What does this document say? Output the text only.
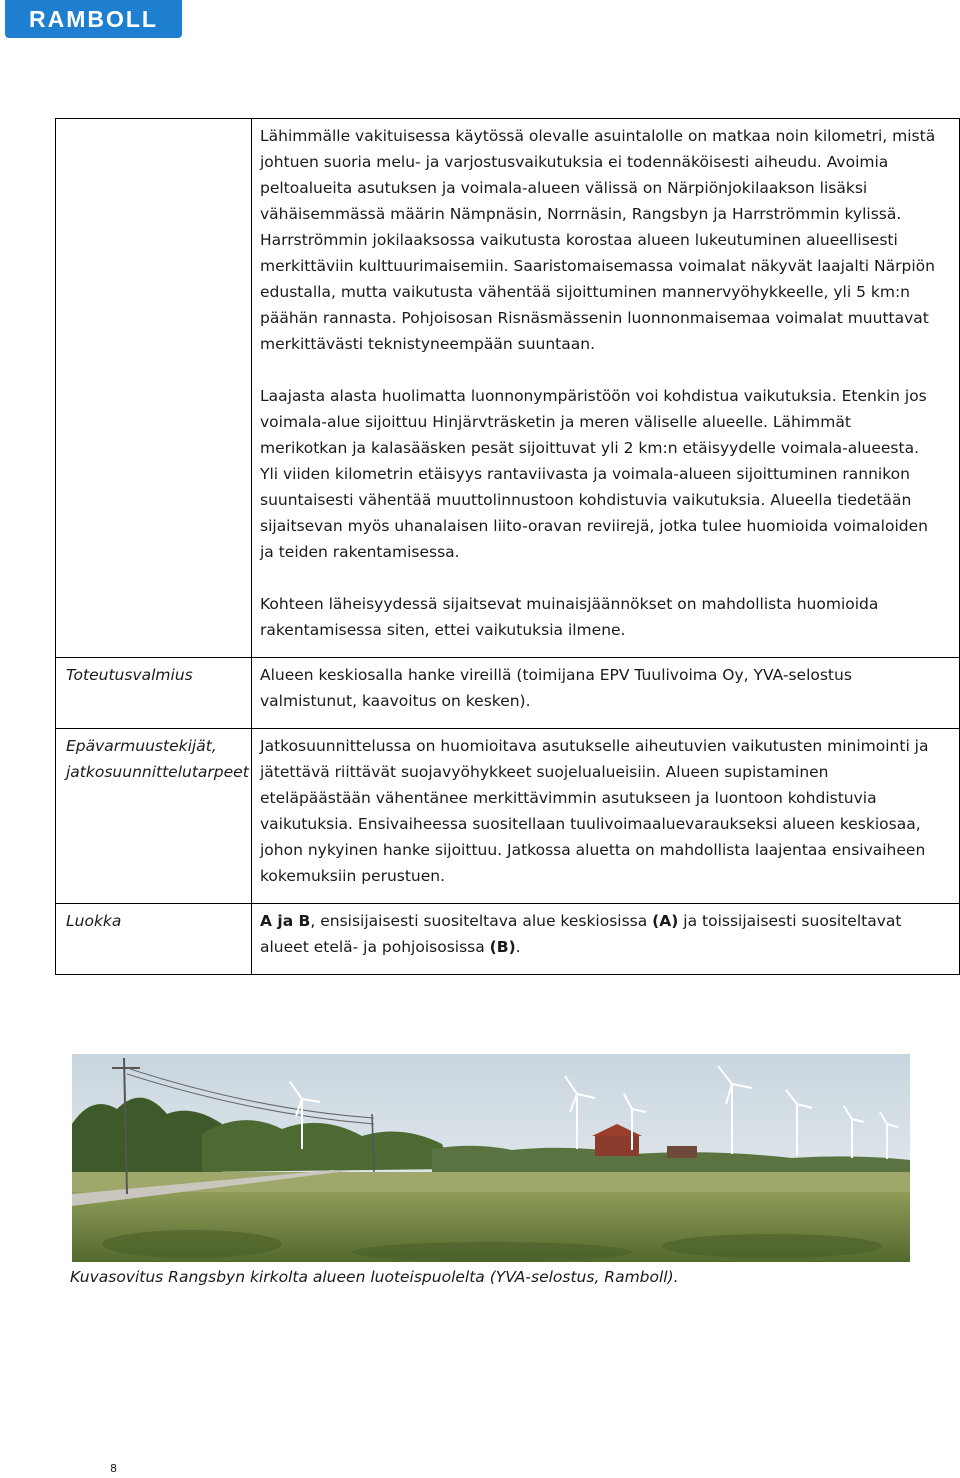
RAMBOLL

	Lähimmälle vakituisessa käytössä olevalle asuintalolle on matkaa noin kilometri, mistä johtuen suoria melu- ja varjostusvaikutuksia ei todennäköisesti aiheudu. Avoimia peltoalueita asutuksen ja voimala-alueen välissä on Närpiönjokilaakson lisäksi vähäisemmässä määrin Nämpnäsin, Norrnäsin, Rangsbyn ja Harrströmmin kylissä. Harrströmmin jokilaaksossa vaikutusta korostaa alueen lukeutuminen alueellisesti merkittäviin kulttuurimaisemiin. Saaristomaisemassa voimalat näkyvät laajalti Närpiön edustalla, mutta vaikutusta vähentää sijoittuminen mannervyöhykkeelle, yli 5 km:n päähän rannasta. Pohjoisosan Risnäsmässenin luonnonmaisemaa voimalat muuttavat merkittävästi teknistyneempään suuntaan.

Laajasta alasta huolimatta luonnonympäristöön voi kohdistua vaikutuksia. Etenkin jos voimala-alue sijoittuu Hinjärvträsketin ja meren väliselle alueelle. Lähimmät merikotkan ja kalasääsken pesät sijoittuvat yli 2 km:n etäisyydelle voimala-alueesta. Yli viiden kilometrin etäisyys rantaviivasta ja voimala-alueen sijoittuminen rannikon suuntaisesti vähentää muuttolinnustoon kohdistuvia vaikutuksia. Alueella tiedetään sijaitsevan myös uhanalaisen liito-oravan reviirejä, jotka tulee huomioida voimaloiden ja teiden rakentamisessa.

Kohteen läheisyydessä sijaitsevat muinaisjäännökset on mahdollista huomioida rakentamisessa siten, ettei vaikutuksia ilmene.

Toteutusvalmius	Alueen keskiosalla hanke vireillä (toimijana EPV Tuulivoima Oy, YVA-selostus valmistunut, kaavoitus on kesken).
Epävarmuustekijät, jatkosuunnittelutarpeet	Jatkosuunnittelussa on huomioitava asutukselle aiheutuvien vaikutusten minimointi ja jätettävä riittävät suojavyöhykkeet suojelualueisiin. Alueen supistaminen eteläpäästään vähentänee merkittävimmin asutukseen ja luontoon kohdistuvia vaikutuksia. Ensivaiheessa suositellaan tuulivoimaaluevaraukseksi alueen keskiosaa, johon nykyinen hanke sijoittuu. Jatkossa aluetta on mahdollista laajentaa ensivaiheen kokemuksiin perustuen.
Luokka	A ja B, ensisijaisesti suositeltava alue keskiosissa (A) ja toissijaisesti suositeltavat alueet etelä- ja pohjoisosissa (B).
Kuvasovitus Rangsbyn kirkolta alueen luoteispuolelta (YVA-selostus, Ramboll).
8
